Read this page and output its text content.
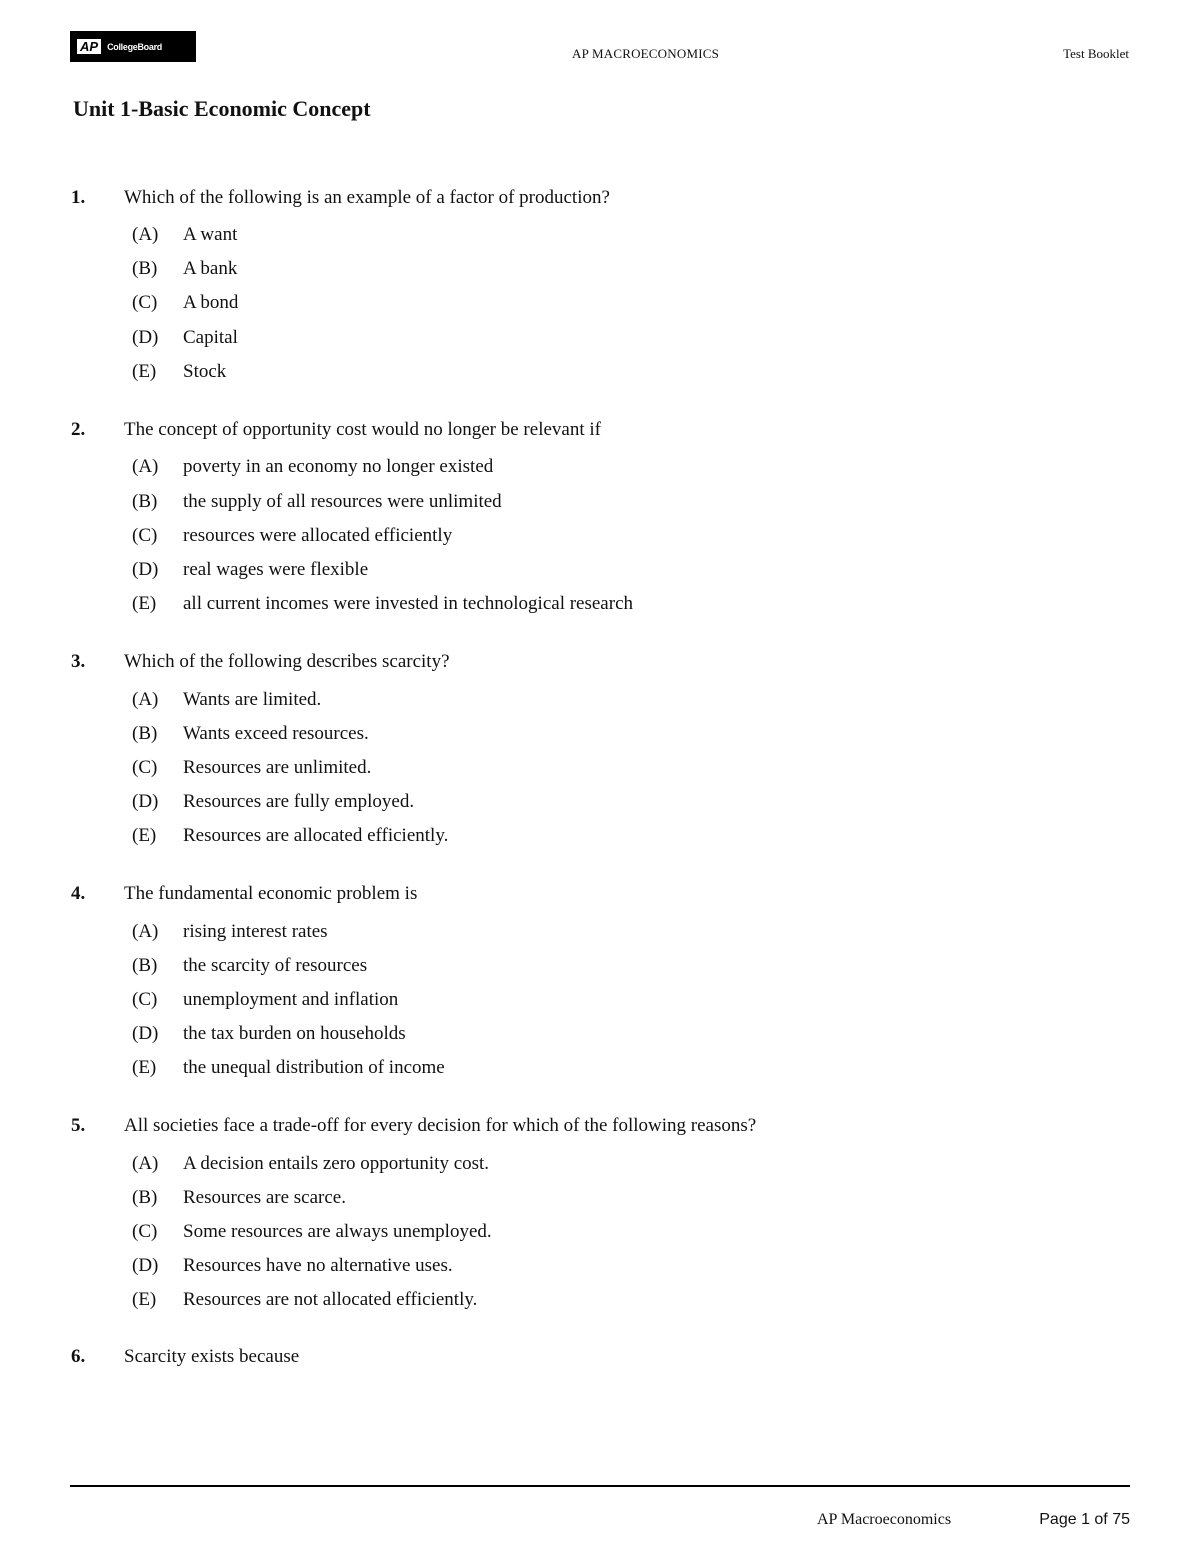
AP	CollegeBoard	AP MACROECONOMICS	Test Booklet
Unit 1-Basic Economic Concept
1. Which of the following is an example of a factor of production?
(A) A want
(B) A bank
(C) A bond
(D) Capital
(E) Stock
2. The concept of opportunity cost would no longer be relevant if
(A) poverty in an economy no longer existed
(B) the supply of all resources were unlimited
(C) resources were allocated efficiently
(D) real wages were flexible
(E) all current incomes were invested in technological research
3. Which of the following describes scarcity?
(A) Wants are limited.
(B) Wants exceed resources.
(C) Resources are unlimited.
(D) Resources are fully employed.
(E) Resources are allocated efficiently.
4. The fundamental economic problem is
(A) rising interest rates
(B) the scarcity of resources
(C) unemployment and inflation
(D) the tax burden on households
(E) the unequal distribution of income
5. All societies face a trade-off for every decision for which of the following reasons?
(A) A decision entails zero opportunity cost.
(B) Resources are scarce.
(C) Some resources are always unemployed.
(D) Resources have no alternative uses.
(E) Resources are not allocated efficiently.
6. Scarcity exists because
AP Macroeconomics	Page 1 of 75
